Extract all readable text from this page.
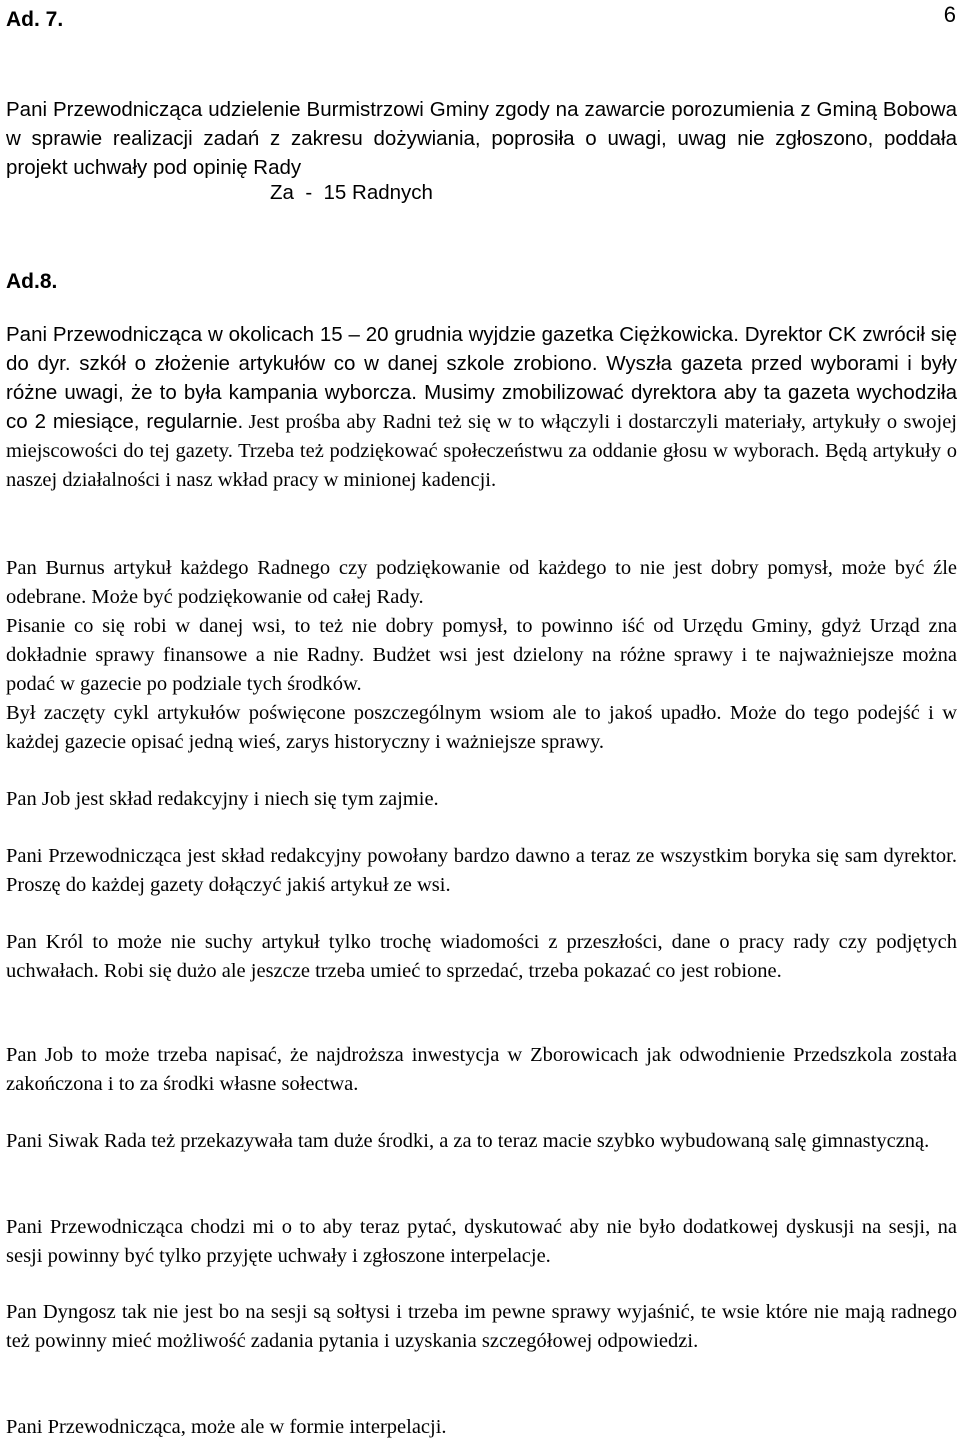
6
Ad. 7.
Pani Przewodnicząca udzielenie Burmistrzowi Gminy zgody na zawarcie porozumienia z Gminą Bobowa w sprawie realizacji zadań z zakresu dożywiania, poprosiła o uwagi, uwag nie zgłoszono, poddała projekt uchwały pod opinię Rady
Za  -  15 Radnych
Ad.8.
Pani Przewodnicząca w okolicach 15 – 20 grudnia wyjdzie gazetka Ciężkowicka. Dyrektor CK zwrócił się do dyr. szkół o złożenie artykułów co w danej szkole zrobiono. Wyszła gazeta przed wyborami i były różne uwagi, że to była kampania wyborcza. Musimy zmobilizować dyrektora aby ta gazeta wychodziła co 2 miesiące, regularnie. Jest prośba aby Radni też się w to włączyli i dostarczyli materiały, artykuły o swojej miejscowości do tej gazety. Trzeba też podziękować społeczeństwu za oddanie głosu w wyborach. Będą artykuły o naszej działalności i nasz wkład pracy w minionej kadencji.
Pan Burnus artykuł każdego Radnego czy podziękowanie od każdego to nie jest dobry pomysł, może być źle odebrane. Może być podziękowanie od całej Rady.
Pisanie co się robi w danej wsi, to też nie dobry pomysł, to powinno iść od Urzędu Gminy, gdyż Urząd zna dokładnie sprawy finansowe a nie Radny. Budżet wsi jest dzielony na różne sprawy i te najważniejsze można podać w gazecie po podziale tych środków.
Był zaczęty cykl artykułów poświęcone poszczególnym wsiom ale to jakoś upadło. Może do tego podejść i w każdej gazecie opisać jedną wieś, zarys historyczny i ważniejsze sprawy.
Pan Job jest skład redakcyjny i niech się tym zajmie.
Pani Przewodnicząca jest skład redakcyjny powołany bardzo dawno a teraz ze wszystkim boryka się sam dyrektor. Proszę do każdej gazety dołączyć jakiś artykuł ze wsi.
Pan Król to może nie suchy artykuł tylko trochę wiadomości z przeszłości, dane o pracy rady czy podjętych uchwałach. Robi się dużo ale jeszcze trzeba umieć to sprzedać, trzeba pokazać co jest robione.
Pan Job to może trzeba napisać, że najdroższa inwestycja w Zborowicach jak odwodnienie Przedszkola została zakończona i to za środki własne sołectwa.
Pani Siwak Rada też przekazywała tam duże środki, a za to teraz macie szybko wybudowaną salę gimnastyczną.
Pani Przewodnicząca chodzi mi o to aby teraz pytać, dyskutować aby nie było dodatkowej dyskusji na sesji, na sesji powinny być tylko przyjęte uchwały i zgłoszone interpelacje.
Pan Dyngosz tak nie jest bo na sesji są sołtysi i trzeba im pewne sprawy wyjaśnić, te wsie które nie mają radnego też powinny mieć możliwość zadania pytania i uzyskania szczegółowej odpowiedzi.
Pani Przewodnicząca, może ale w formie interpelacji.
